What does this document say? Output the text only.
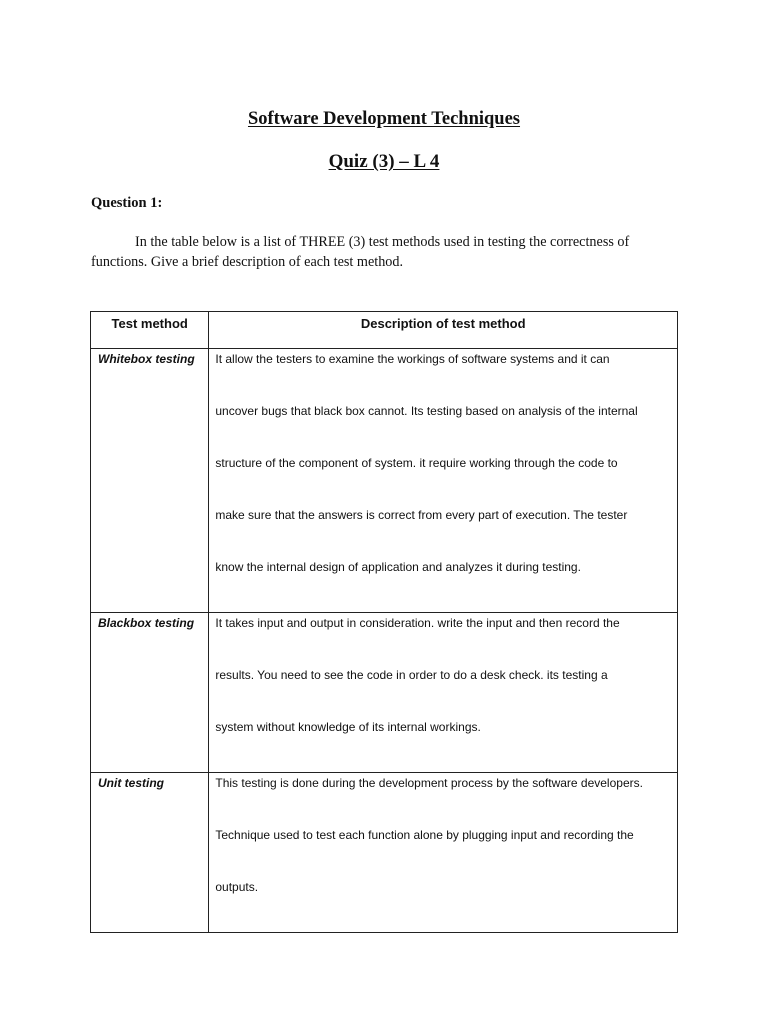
Software Development Techniques
Quiz (3) – L 4
Question 1:
In the table below is a list of THREE (3) test methods used in testing the correctness of functions. Give a brief description of each test method.
Test method	Description of test method
Whitebox testing	It allow the testers to examine the workings of software systems and it can
uncover bugs that black box cannot. Its testing based on analysis of the internal
structure of the component of system. it require working through the code to
make sure that the answers is correct from every part of execution. The tester
know the internal design of application and analyzes it during testing.

Blackbox testing	It takes input and output in consideration. write the input and then record the
results. You need to see the code in order to do a desk check. its testing a
system without knowledge of its internal workings.

Unit testing	This testing is done during the development process by the software developers.
Technique used to test each function alone by plugging input and recording the
outputs.
